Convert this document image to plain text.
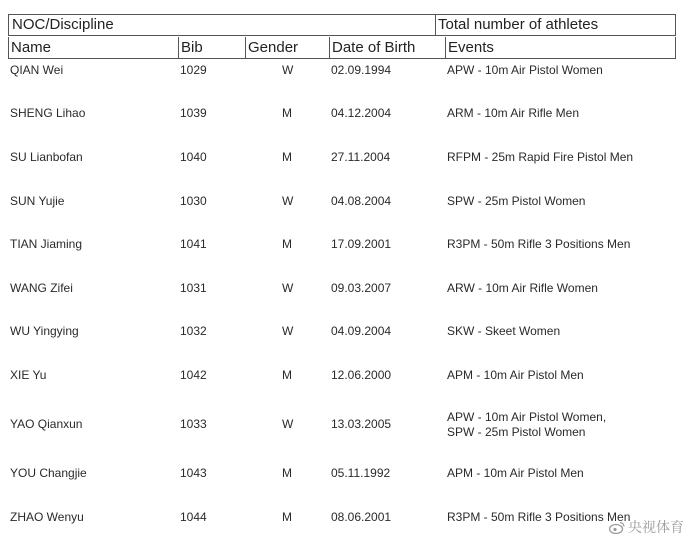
NOC/Discipline	Total number of athletes
Name	Bib	Gender	Date of Birth	Events
QIAN Wei	1029	W	02.09.1994	APW - 10m Air Pistol Women
SHENG Lihao	1039	M	04.12.2004	ARM - 10m Air Rifle Men
SU Lianbofan	1040	M	27.11.2004	RFPM - 25m Rapid Fire Pistol Men
SUN Yujie	1030	W	04.08.2004	SPW - 25m Pistol Women
TIAN Jiaming	1041	M	17.09.2001	R3PM - 50m Rifle 3 Positions Men
WANG Zifei	1031	W	09.03.2007	ARW - 10m Air Rifle Women
WU Yingying	1032	W	04.09.2004	SKW - Skeet Women
XIE Yu	1042	M	12.06.2000	APM - 10m Air Pistol Men
YAO Qianxun	1033	W	13.03.2005	APW - 10m Air Pistol Women,
SPW - 25m Pistol Women
YOU Changjie	1043	M	05.11.1992	APM - 10m Air Pistol Men
ZHAO Wenyu	1044	M	08.06.2001	R3PM - 50m Rifle 3 Positions Men
央视体育
